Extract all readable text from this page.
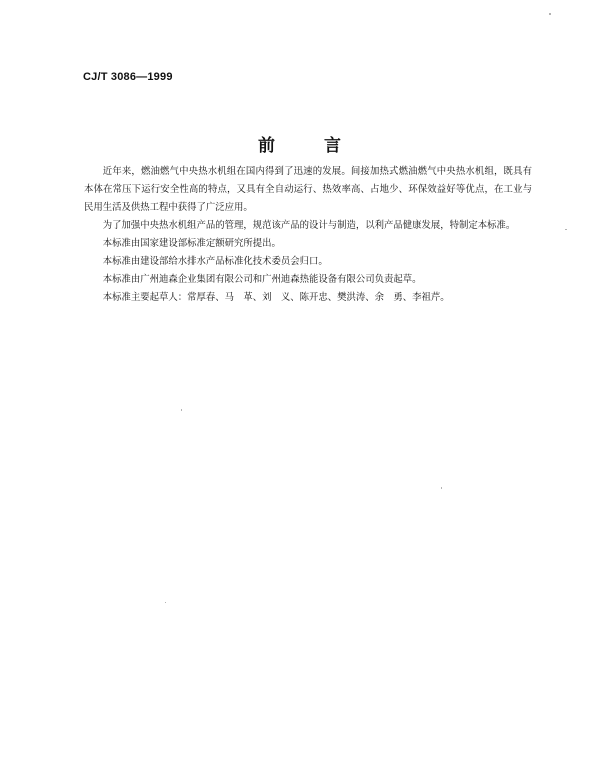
CJ/T 3086—1999
前	言

近年来，燃油燃气中央热水机组在国内得到了迅速的发展。间接加热式燃油燃气中央热水机组，既具有本体在常压下运行安全性高的特点，又具有全自动运行、热效率高、占地少、环保效益好等优点，在工业与民用生活及供热工程中获得了广泛应用。

为了加强中央热水机组产品的管理，规范该产品的设计与制造，以利产品健康发展，特制定本标准。

本标准由国家建设部标准定额研究所提出。

本标准由建设部给水排水产品标准化技术委员会归口。

本标准由广州迪森企业集团有限公司和广州迪森热能设备有限公司负责起草。

本标准主要起草人：常厚春、马　革、刘　义、陈开忠、樊洪涛、余　勇、李祖芹。
